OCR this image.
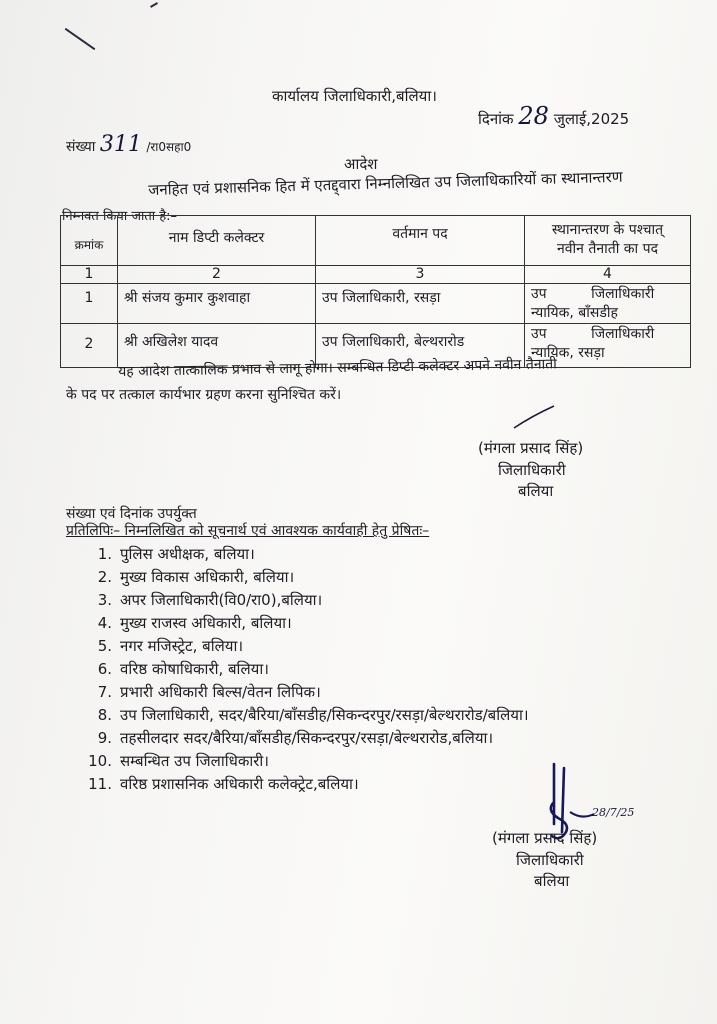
कार्यालय जिलाधिकारी,बलिया।
दिनांक 28 जुलाई,2025
संख्या 311 /रा0सहा0
आदेश
जनहित एवं प्रशासनिक हित में एतद्द्वारा निम्नलिखित उप जिलाधिकारियों का स्थानान्तरण
निम्नवत किया जाता है:–
क्रमांक	नाम डिप्टी कलेक्टर	वर्तमान पद	स्थानान्तरण के पश्चात्
नवीन तैनाती का पद

1	2	3	4
1	श्री संजय कुमार कुशवाहा	उप जिलाधिकारी, रसड़ा	उप          जिलाधिकारी
न्यायिक, बाँसडीह

2	श्री अखिलेश यादव	उप जिलाधिकारी, बेल्थरारोड	उप          जिलाधिकारी
न्यायिक, रसड़ा
यह आदेश तात्कालिक प्रभाव से लागू होगा। सम्बन्धित डिप्टी कलेक्टर अपने नवीन तैनाती
के पद पर तत्काल कार्यभार ग्रहण करना सुनिश्चित करें।
(मंगला प्रसाद सिंह)
जिलाधिकारी
बलिया
संख्या एवं दिनांक उपर्युक्त
प्रतिलिपिः– निम्नलिखित को सूचनार्थ एवं आवश्यक कार्यवाही हेतु प्रेषितः–
1. पुलिस अधीक्षक, बलिया।
2. मुख्य विकास अधिकारी, बलिया।
3. अपर जिलाधिकारी(वि0/रा0),बलिया।
4. मुख्य राजस्व अधिकारी, बलिया।
5. नगर मजिस्ट्रेट, बलिया।
6. वरिष्ठ कोषाधिकारी, बलिया।
7. प्रभारी अधिकारी बिल्स/वेतन लिपिक।
8. उप जिलाधिकारी, सदर/बैरिया/बाँसडीह/सिकन्दरपुर/रसड़ा/बेल्थरारोड/बलिया।
9. तहसीलदार सदर/बैरिया/बाँसडीह/सिकन्दरपुर/रसड़ा/बेल्थरारोड,बलिया।
10. सम्बन्धित उप जिलाधिकारी।
11. वरिष्ठ प्रशासनिक अधिकारी कलेक्ट्रेट,बलिया।
28/7/25
(मंगला प्रसाद सिंह)
जिलाधिकारी
बलिया
